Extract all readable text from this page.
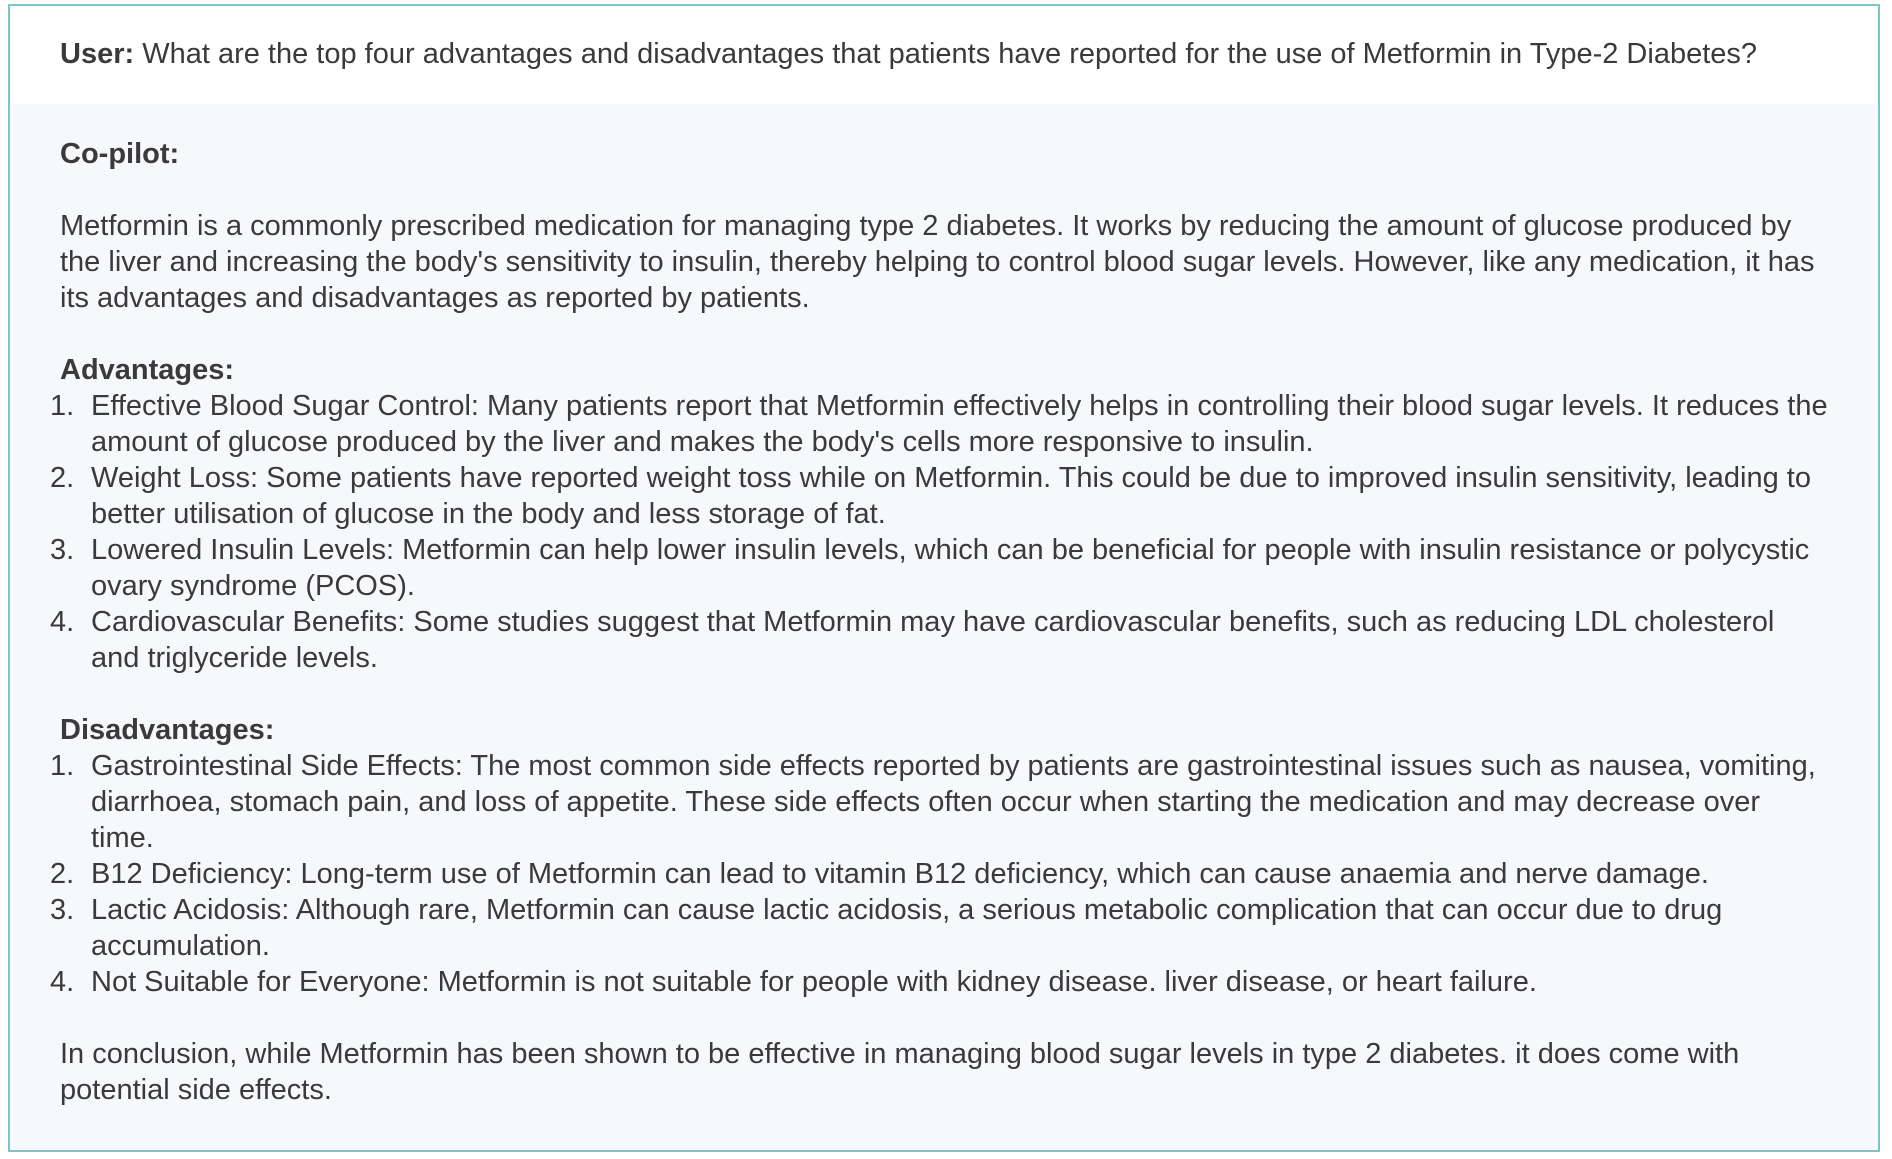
User: What are the top four advantages and disadvantages that patients have reported for the use of Metformin in Type-2 Diabetes?

Co-pilot:

Metformin is a commonly prescribed medication for managing type 2 diabetes. It works by reducing the amount of glucose produced by the liver and increasing the body's sensitivity to insulin, thereby helping to control blood sugar levels. However, like any medication, it has its advantages and disadvantages as reported by patients.

Advantages:

1. Effective Blood Sugar Control: Many patients report that Metformin effectively helps in controlling their blood sugar levels. It reduces the amount of glucose produced by the liver and makes the body's cells more responsive to insulin.
2. Weight Loss: Some patients have reported weight toss while on Metformin. This could be due to improved insulin sensitivity, leading to better utilisation of glucose in the body and less storage of fat.
3. Lowered Insulin Levels: Metformin can help lower insulin levels, which can be beneficial for people with insulin resistance or polycystic ovary syndrome (PCOS).
4. Cardiovascular Benefits: Some studies suggest that Metformin may have cardiovascular benefits, such as reducing LDL cholesterol and triglyceride levels.

Disadvantages:

1. Gastrointestinal Side Effects: The most common side effects reported by patients are gastrointestinal issues such as nausea, vomiting, diarrhoea, stomach pain, and loss of appetite. These side effects often occur when starting the medication and may decrease over time.
2. B12 Deficiency: Long-term use of Metformin can lead to vitamin B12 deficiency, which can cause anaemia and nerve damage.
3. Lactic Acidosis: Although rare, Metformin can cause lactic acidosis, a serious metabolic complication that can occur due to drug accumulation.
4. Not Suitable for Everyone: Metformin is not suitable for people with kidney disease. liver disease, or heart failure.

In conclusion, while Metformin has been shown to be effective in managing blood sugar levels in type 2 diabetes. it does come with potential side effects.
